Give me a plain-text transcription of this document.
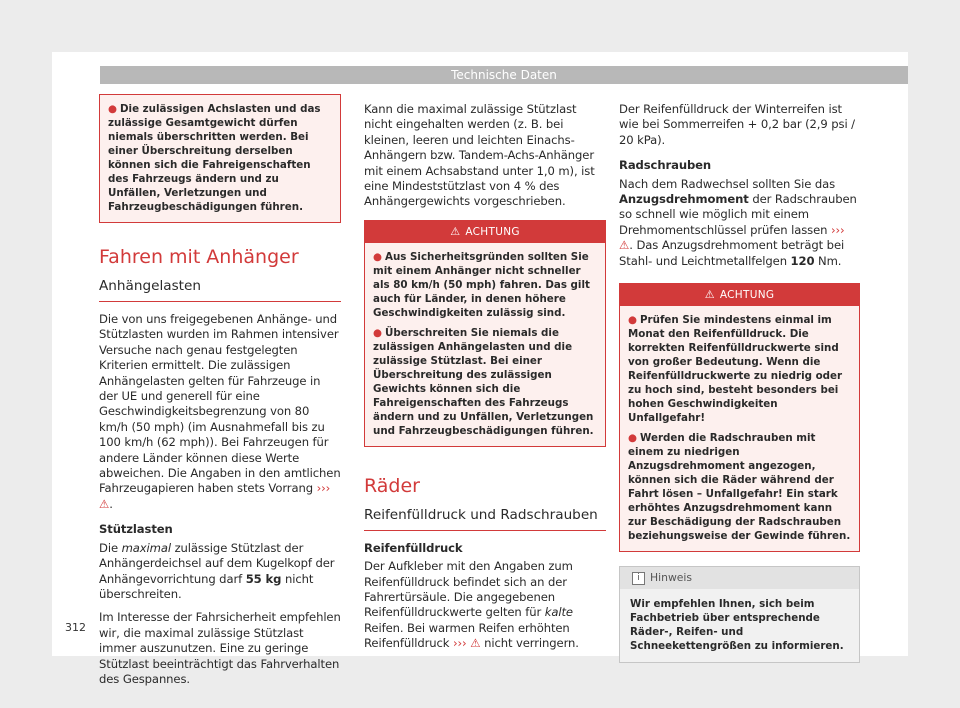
Technische Daten

● Die zulässigen Achslasten und das zulässige Gesamtgewicht dürfen niemals überschritten werden. Bei einer Überschreitung derselben können sich die Fahreigenschaften des Fahrzeugs ändern und zu Unfällen, Verletzungen und Fahrzeugbeschädigungen führen.

Fahren mit Anhänger
Anhängelasten

Die von uns freigegebenen Anhänge- und Stützlasten wurden im Rahmen intensiver Versuche nach genau festgelegten Kriterien ermittelt. Die zulässigen Anhängelasten gelten für Fahrzeuge in der UE und generell für eine Geschwindigkeitsbegrenzung von 80 km/h (50 mph) (im Ausnahmefall bis zu 100 km/h (62 mph)). Bei Fahrzeugen für andere Länder können diese Werte abweichen. Die Angaben in den amtlichen Fahrzeugapieren haben stets Vorrang ››› ⚠.

Stützlasten

Die maximal zulässige Stützlast der Anhängerdeichsel auf dem Kugelkopf der Anhängevorrichtung darf 55 kg nicht überschreiten.

Im Interesse der Fahrsicherheit empfehlen wir, die maximal zulässige Stützlast immer auszunutzen. Eine zu geringe Stützlast beeinträchtigt das Fahrverhalten des Gespannes.

Kann die maximal zulässige Stützlast nicht eingehalten werden (z. B. bei kleinen, leeren und leichten Einachs-Anhängern bzw. Tandem-Achs-Anhänger mit einem Achsabstand unter 1,0 m), ist eine Mindeststützlast von 4 % des Anhängergewichts vorgeschrieben.

⚠ ACHTUNG

● Aus Sicherheitsgründen sollten Sie mit einem Anhänger nicht schneller als 80 km/h (50 mph) fahren. Das gilt auch für Länder, in denen höhere Geschwindigkeiten zulässig sind.

● Überschreiten Sie niemals die zulässigen Anhängelasten und die zulässige Stützlast. Bei einer Überschreitung des zulässigen Gewichts können sich die Fahreigenschaften des Fahrzeugs ändern und zu Unfällen, Verletzungen und Fahrzeugbeschädigungen führen.

Räder
Reifenfülldruck und Radschrauben

Reifenfülldruck

Der Aufkleber mit den Angaben zum Reifenfülldruck befindet sich an der Fahrertürsäule. Die angegebenen Reifenfülldruckwerte gelten für kalte Reifen. Bei warmen Reifen erhöhten Reifenfülldruck ››› ⚠ nicht verringern.

Der Reifenfülldruck der Winterreifen ist wie bei Sommerreifen + 0,2 bar (2,9 psi / 20 kPa).

Radschrauben

Nach dem Radwechsel sollten Sie das Anzugsdrehmoment der Radschrauben so schnell wie möglich mit einem Drehmomentschlüssel prüfen lassen ››› ⚠. Das Anzugsdrehmoment beträgt bei Stahl- und Leichtmetallfelgen 120 Nm.

⚠ ACHTUNG

● Prüfen Sie mindestens einmal im Monat den Reifenfülldruck. Die korrekten Reifenfülldruckwerte sind von großer Bedeutung. Wenn die Reifenfülldruckwerte zu niedrig oder zu hoch sind, besteht besonders bei hohen Geschwindigkeiten Unfallgefahr!

● Werden die Radschrauben mit einem zu niedrigen Anzugsdrehmoment angezogen, können sich die Räder während der Fahrt lösen – Unfallgefahr! Ein stark erhöhtes Anzugsdrehmoment kann zur Beschädigung der Radschrauben beziehungsweise der Gewinde führen.

i Hinweis

Wir empfehlen Ihnen, sich beim Fachbetrieb über entsprechende Räder-, Reifen- und Schneekettengrößen zu informieren.

312
